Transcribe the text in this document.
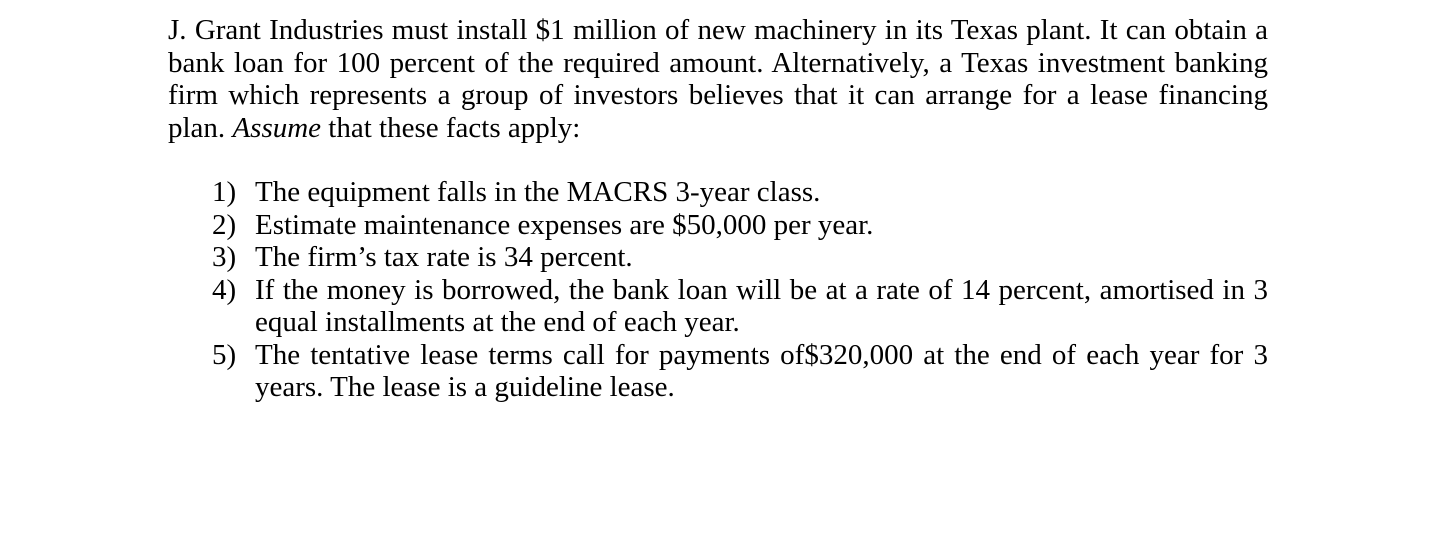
J. Grant Industries must install $1 million of new machinery in its Texas plant. It can obtain a bank loan for 100 percent of the required amount. Alternatively, a Texas investment banking firm which represents a group of investors believes that it can arrange for a lease financing plan. Assume that these facts apply:

1) The equipment falls in the MACRS 3-year class.
2) Estimate maintenance expenses are $50,000 per year.
3) The firm’s tax rate is 34 percent.
4) If the money is borrowed, the bank loan will be at a rate of 14 percent, amortised in 3 equal installments at the end of each year.
5) The tentative lease terms call for payments of$320,000 at the end of each year for 3 years. The lease is a guideline lease.
